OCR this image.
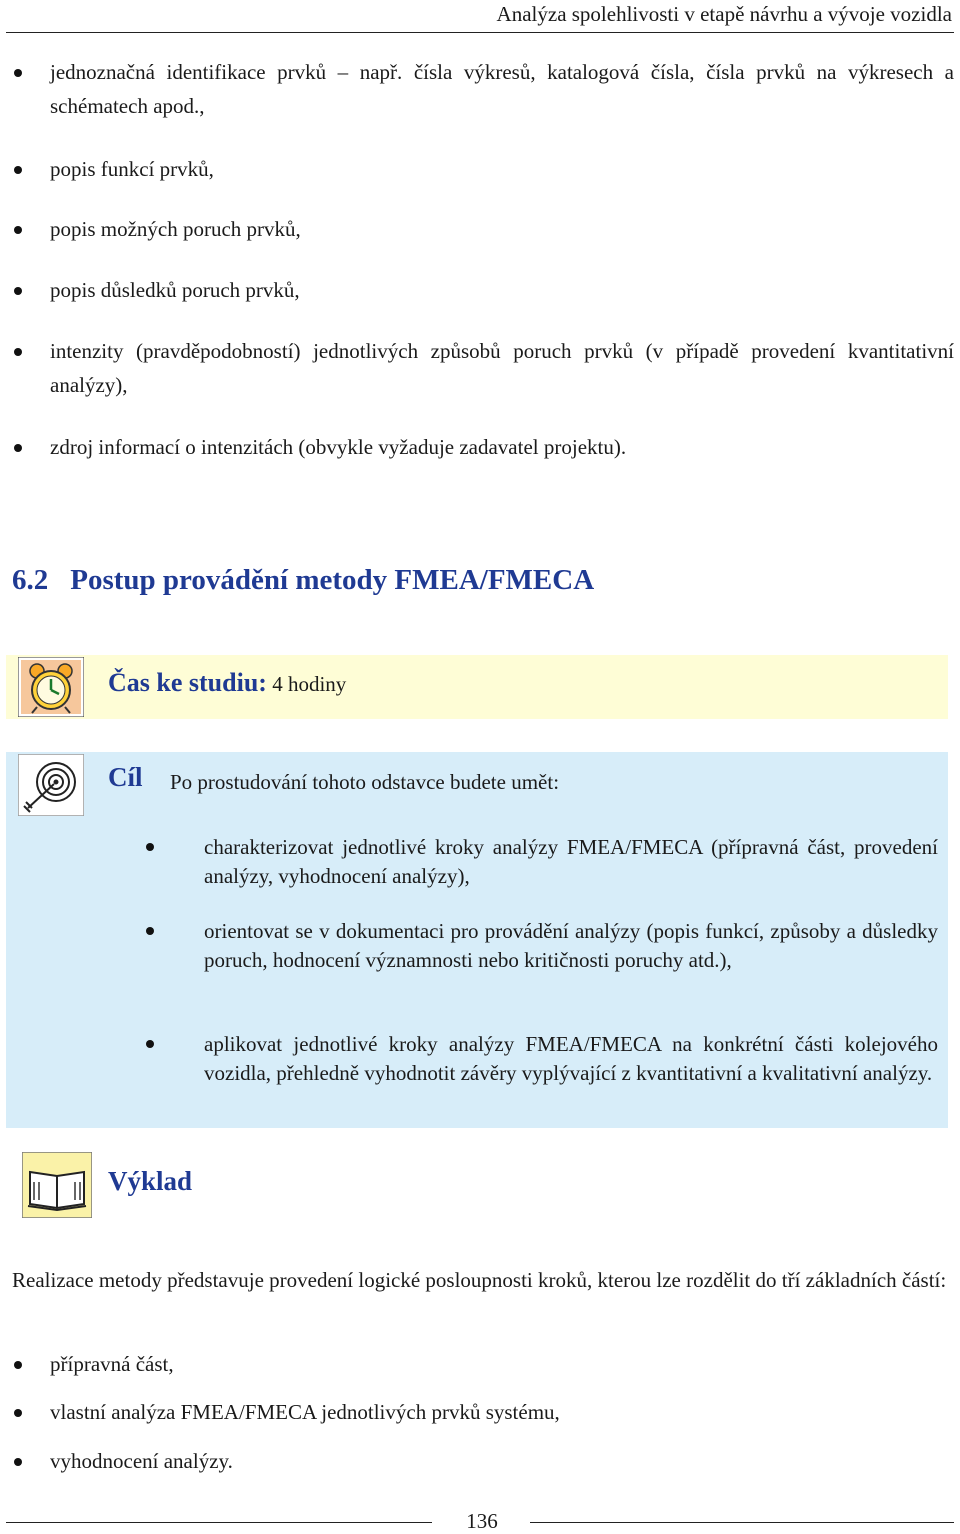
Analýza spolehlivosti v etapě návrhu a vývoje vozidla
jednoznačná identifikace prvků – např. čísla výkresů, katalogová čísla, čísla prvků na výkresech a schématech apod.,
popis funkcí prvků,
popis možných poruch prvků,
popis důsledků poruch prvků,
intenzity (pravděpodobností) jednotlivých způsobů poruch prvků (v případě provedení kvantitativní analýzy),
zdroj informací o intenzitách (obvykle vyžaduje zadavatel projektu).
6.2 Postup provádění metody FMEA/FMECA
Čas ke studiu: 4 hodiny
Cíl Po prostudování tohoto odstavce budete umět:
charakterizovat jednotlivé kroky analýzy FMEA/FMECA (přípravná část, provedení analýzy, vyhodnocení analýzy),
orientovat se v dokumentaci pro provádění analýzy (popis funkcí, způsoby a důsledky poruch, hodnocení významnosti nebo kritičnosti poruchy atd.),
aplikovat jednotlivé kroky analýzy FMEA/FMECA na konkrétní části kolejového vozidla, přehledně vyhodnotit závěry vyplývající z kvantitativní a kvalitativní analýzy.
Výklad
Realizace metody představuje provedení logické posloupnosti kroků, kterou lze rozdělit do tří základních částí:
přípravná část,
vlastní analýza FMEA/FMECA jednotlivých prvků systému,
vyhodnocení analýzy.
136
